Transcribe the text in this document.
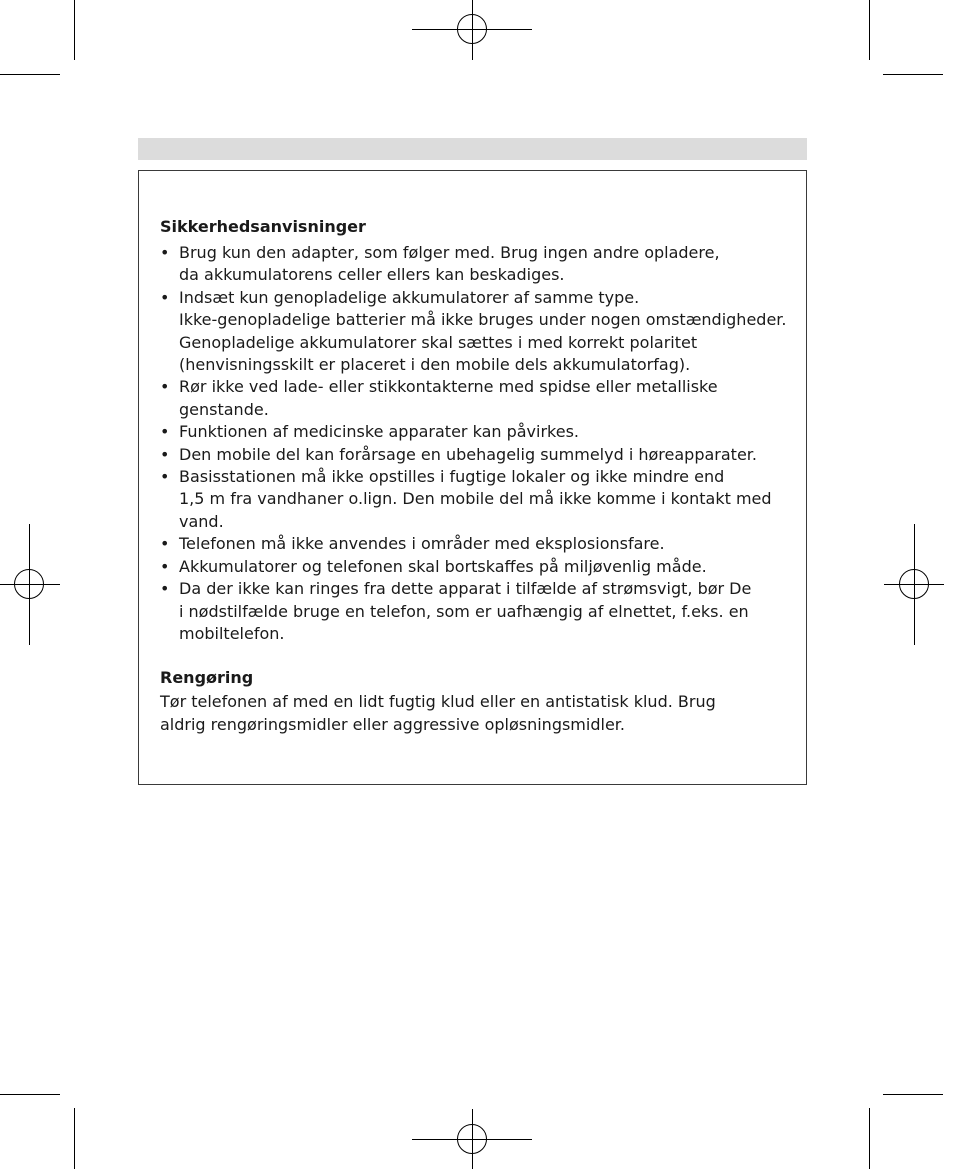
Sikkerhedsanvisninger
• Brug kun den adapter, som følger med. Brug ingen andre opladere,
da akkumulatorens celler ellers kan beskadiges.
• Indsæt kun genopladelige akkumulatorer af samme type.
Ikke-genopladelige batterier må ikke bruges under nogen omstændigheder.
Genopladelige akkumulatorer skal sættes i med korrekt polaritet
(henvisningsskilt er placeret i den mobile dels akkumulatorfag).
• Rør ikke ved lade- eller stikkontakterne med spidse eller metalliske
genstande.
• Funktionen af medicinske apparater kan påvirkes.
• Den mobile del kan forårsage en ubehagelig summelyd i høreapparater.
• Basisstationen må ikke opstilles i fugtige lokaler og ikke mindre end
1,5 m fra vandhaner o.lign. Den mobile del må ikke komme i kontakt med
vand.
• Telefonen må ikke anvendes i områder med eksplosionsfare.
• Akkumulatorer og telefonen skal bortskaffes på miljøvenlig måde.
• Da der ikke kan ringes fra dette apparat i tilfælde af strømsvigt, bør De
i nødstilfælde bruge en telefon, som er uafhængig af elnettet, f.eks. en
mobiltelefon.
Rengøring

Tør telefonen af med en lidt fugtig klud eller en antistatisk klud. Brug
aldrig rengøringsmidler eller aggressive opløsningsmidler.
